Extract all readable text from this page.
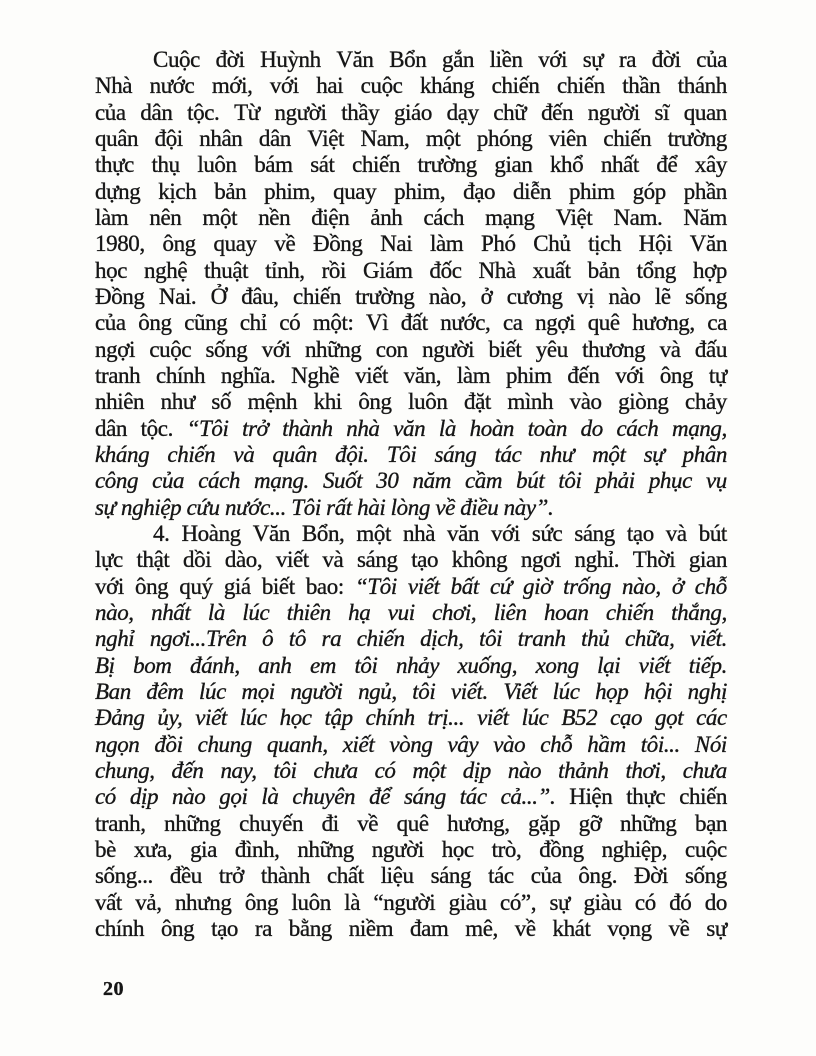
Cuộc đời Huỳnh Văn Bổn gắn liền với sự ra đời của
Nhà nước mới, với hai cuộc kháng chiến chiến thần thánh
của dân tộc. Từ người thầy giáo dạy chữ đến người sĩ quan
quân đội nhân dân Việt Nam, một phóng viên chiến trường
thực thụ luôn bám sát chiến trường gian khổ nhất để xây
dựng kịch bản phim, quay phim, đạo diễn phim góp phần
làm nên một nền điện ảnh cách mạng Việt Nam. Năm
1980, ông quay về Đồng Nai làm Phó Chủ tịch Hội Văn
học nghệ thuật tỉnh, rồi Giám đốc Nhà xuất bản tổng hợp
Đồng Nai. Ở đâu, chiến trường nào, ở cương vị nào lẽ sống
của ông cũng chỉ có một: Vì đất nước, ca ngợi quê hương, ca
ngợi cuộc sống với những con người biết yêu thương và đấu
tranh chính nghĩa. Nghề viết văn, làm phim đến với ông tự
nhiên như số mệnh khi ông luôn đặt mình vào giòng chảy
dân tộc. “Tôi trở thành nhà văn là hoàn toàn do cách mạng,
kháng chiến và quân đội. Tôi sáng tác như một sự phân
công của cách mạng. Suốt 30 năm cầm bút tôi phải phục vụ
sự nghiệp cứu nước... Tôi rất hài lòng về điều này”.
4. Hoàng Văn Bổn, một nhà văn với sức sáng tạo và bút
lực thật dồi dào, viết và sáng tạo không ngơi nghỉ. Thời gian
với ông quý giá biết bao: “Tôi viết bất cứ giờ trống nào, ở chỗ
nào, nhất là lúc thiên hạ vui chơi, liên hoan chiến thắng,
nghỉ ngơi...Trên ô tô ra chiến dịch, tôi tranh thủ chữa, viết.
Bị bom đánh, anh em tôi nhảy xuống, xong lại viết tiếp.
Ban đêm lúc mọi người ngủ, tôi viết. Viết lúc họp hội nghị
Đảng ủy, viết lúc học tập chính trị... viết lúc B52 cạo gọt các
ngọn đồi chung quanh, xiết vòng vây vào chỗ hầm tôi... Nói
chung, đến nay, tôi chưa có một dịp nào thảnh thơi, chưa
có dịp nào gọi là chuyên để sáng tác cả...”. Hiện thực chiến
tranh, những chuyến đi về quê hương, gặp gỡ những bạn
bè xưa, gia đình, những người học trò, đồng nghiệp, cuộc
sống... đều trở thành chất liệu sáng tác của ông. Đời sống
vất vả, nhưng ông luôn là “người giàu có”, sự giàu có đó do
chính ông tạo ra bằng niềm đam mê, về khát vọng về sự
20
